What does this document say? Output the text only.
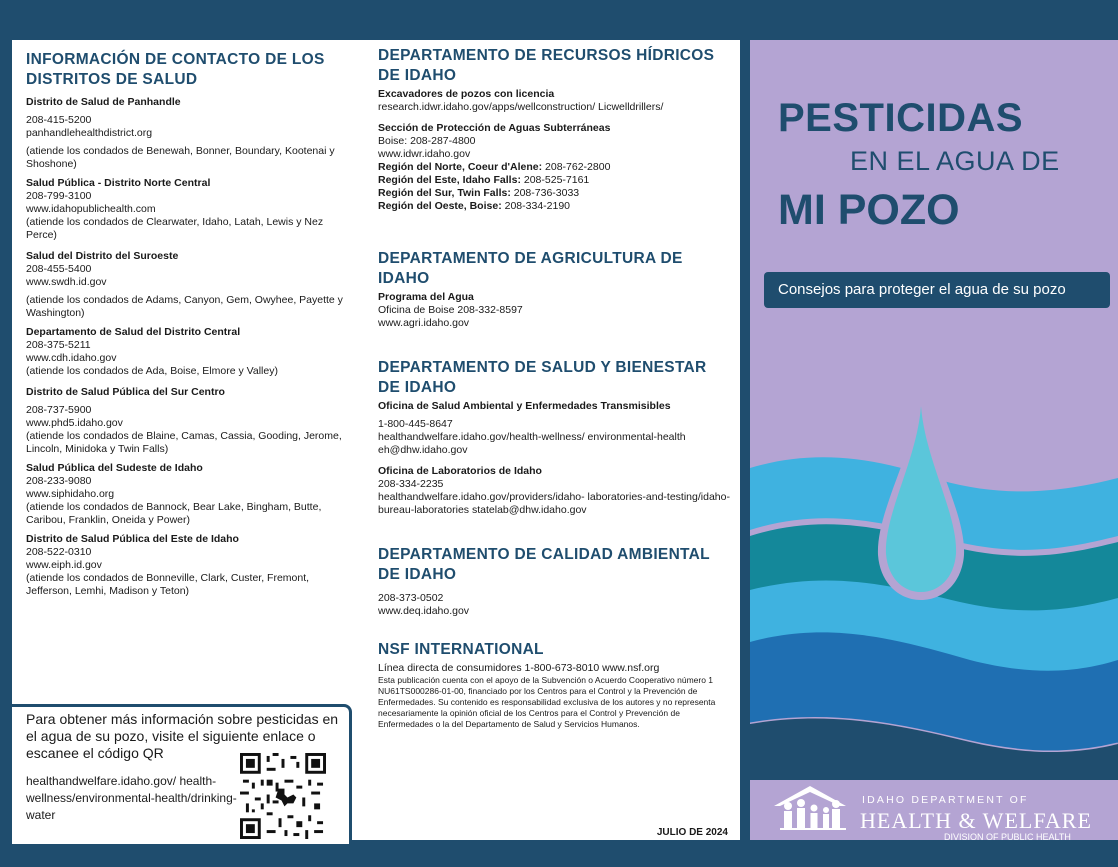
INFORMACIÓN DE CONTACTO DE LOS DISTRITOS DE SALUD
Distrito de Salud de Panhandle
208-415-5200
panhandlehealthdistrict.org
(atiende los condados de Benewah, Bonner, Boundary, Kootenai y Shoshone)
Salud Pública - Distrito Norte Central
208-799-3100
www.idahopublichealth.com
(atiende los condados de Clearwater, Idaho, Latah, Lewis y Nez Perce)
Salud del Distrito del Suroeste
208-455-5400
www.swdh.id.gov
(atiende los condados de Adams, Canyon, Gem, Owyhee, Payette y Washington)
Departamento de Salud del Distrito Central
208-375-5211
www.cdh.idaho.gov
(atiende los condados de Ada, Boise, Elmore y Valley)
Distrito de Salud Pública del Sur Centro
208-737-5900
www.phd5.idaho.gov
(atiende los condados de Blaine, Camas, Cassia, Gooding, Jerome, Lincoln, Minidoka y Twin Falls)
Salud Pública del Sudeste de Idaho
208-233-9080
www.siphidaho.org
(atiende los condados de Bannock, Bear Lake, Bingham, Butte, Caribou, Franklin, Oneida y Power)
Distrito de Salud Pública del Este de Idaho
208-522-0310
www.eiph.id.gov
(atiende los condados de Bonneville, Clark, Custer, Fremont, Jefferson, Lemhi, Madison y Teton)
Para obtener más información sobre pesticidas en el agua de su pozo, visite el siguiente enlace o escanee el código QR
healthandwelfare.idaho.gov/ health-wellness/environmental-health/drinking-water
DEPARTAMENTO DE RECURSOS HÍDRICOS DE IDAHO
Excavadores de pozos con licencia
research.idwr.idaho.gov/apps/wellconstruction/ Licwelldrillers/
Sección de Protección de Aguas Subterráneas
Boise: 208-287-4800
www.idwr.idaho.gov
Región del Norte, Coeur d'Alene: 208-762-2800
Región del Este, Idaho Falls: 208-525-7161
Región del Sur, Twin Falls: 208-736-3033
Región del Oeste, Boise: 208-334-2190
DEPARTAMENTO DE AGRICULTURA DE IDAHO
Programa del Agua
Oficina de Boise 208-332-8597
www.agri.idaho.gov
DEPARTAMENTO DE SALUD Y BIENESTAR DE IDAHO
Oficina de Salud Ambiental y Enfermedades Transmisibles
1-800-445-8647
healthandwelfare.idaho.gov/health-wellness/ environmental-health
eh@dhw.idaho.gov
Oficina de Laboratorios de Idaho
208-334-2235
healthandwelfare.idaho.gov/providers/idaho- laboratories-and-testing/idaho-bureau-laboratories statelab@dhw.idaho.gov
DEPARTAMENTO DE CALIDAD AMBIENTAL DE IDAHO
208-373-0502
www.deq.idaho.gov
NSF INTERNATIONAL
Línea directa de consumidores 1-800-673-8010 www.nsf.org
Esta publicación cuenta con el apoyo de la Subvención o Acuerdo Cooperativo número 1 NU61TS000286-01-00, financiado por los Centros para el Control y la Prevención de Enfermedades. Su contenido es responsabilidad exclusiva de los autores y no representa necesariamente la opinión oficial de los Centros para el Control y Prevención de Enfermedades o la del Departamento de Salud y Servicios Humanos.
JULIO DE 2024
PESTICIDAS
EN EL AGUA DE
MI POZO
Consejos para proteger el agua de su pozo
IDAHO DEPARTMENT OF
HEALTH & WELFARE
DIVISION OF PUBLIC HEALTH
